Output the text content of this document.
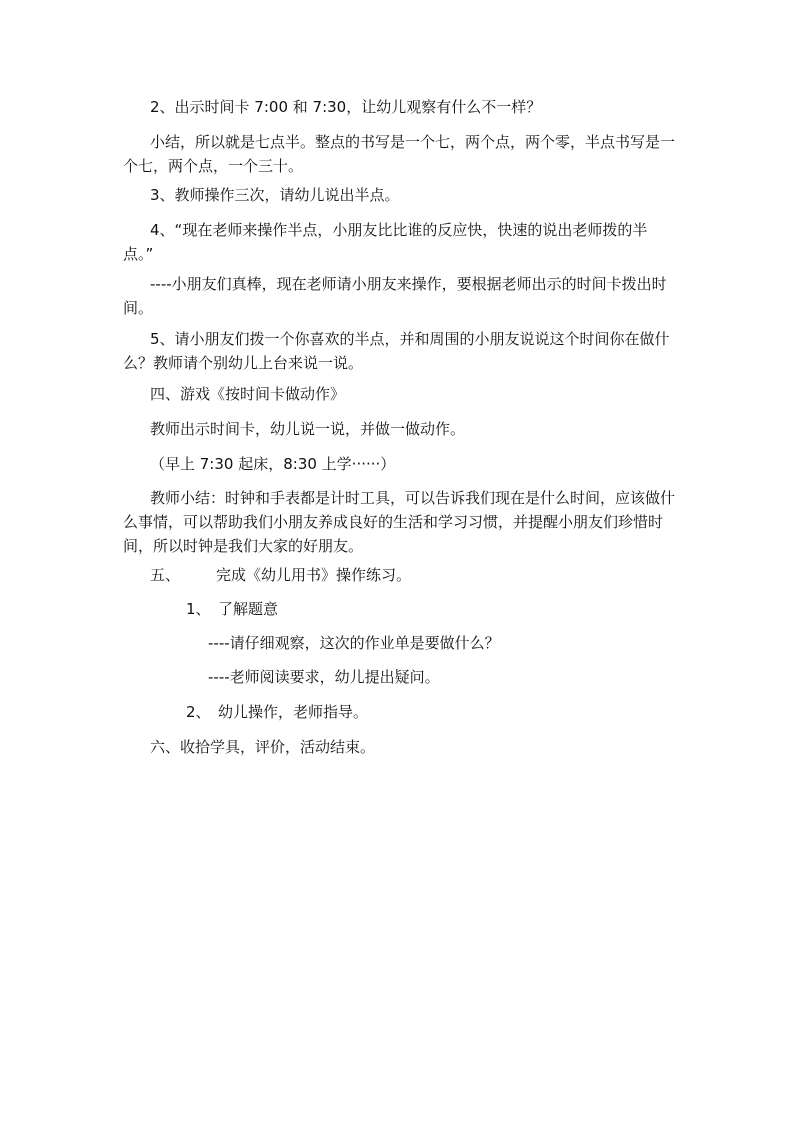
2、出示时间卡 7:00 和 7:30，让幼儿观察有什么不一样？

小结，所以就是七点半。整点的书写是一个七，两个点，两个零，半点书写是一个七，两个点，一个三十。

3、教师操作三次，请幼儿说出半点。

4、“现在老师来操作半点，小朋友比比谁的反应快，快速的说出老师拨的半点。”

----小朋友们真棒，现在老师请小朋友来操作，要根据老师出示的时间卡拨出时间。

5、请小朋友们拨一个你喜欢的半点，并和周围的小朋友说说这个时间你在做什么？教师请个别幼儿上台来说一说。

四、游戏《按时间卡做动作》

教师出示时间卡，幼儿说一说，并做一做动作。

（早上 7:30 起床，8:30 上学······）

教师小结：时钟和手表都是计时工具，可以告诉我们现在是什么时间，应该做什么事情，可以帮助我们小朋友养成良好的生活和学习习惯，并提醒小朋友们珍惜时间，所以时钟是我们大家的好朋友。

五、 完成《幼儿用书》操作练习。
1、 了解题意
----请仔细观察，这次的作业单是要做什么？
----老师阅读要求，幼儿提出疑问。
2、 幼儿操作，老师指导。

六、收拾学具，评价，活动结束。
